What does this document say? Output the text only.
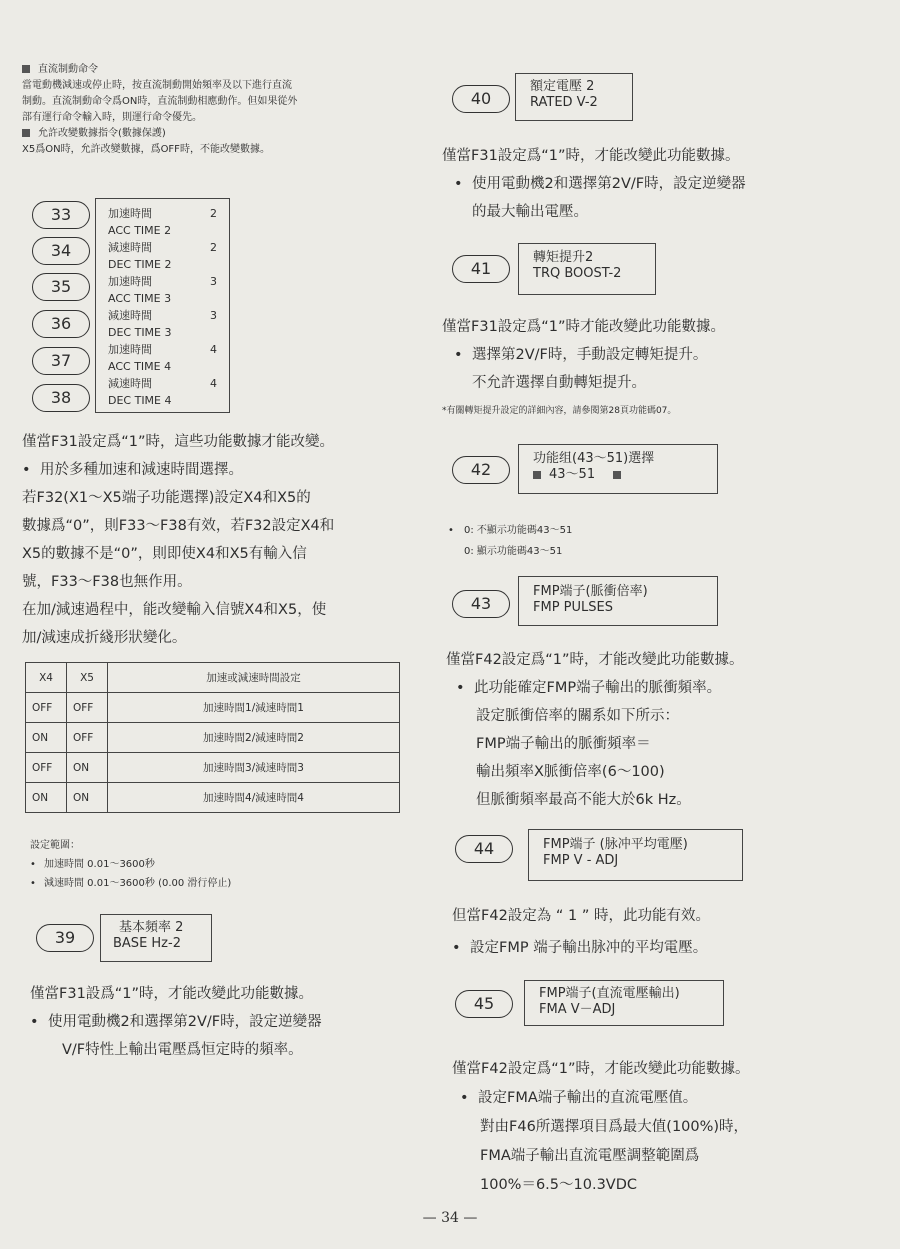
直流制動命令
當電動機減速或停止時，按直流制動開始頻率及以下進行直流
制動。直流制動命令爲ON時，直流制動相應動作。但如果從外
部有運行命令輸入時，則運行命令優先。
允許改變數據指令(數據保護)
X5爲ON時，允許改變數據，爲OFF時，不能改變數據。
33
34
35
36
37
38
加速時間	2
ACC TIME 2
減速時間	2
DEC TIME 2
加速時間	3
ACC TIME 3
減速時間	3
DEC TIME 3
加速時間	4
ACC TIME 4
減速時間	4
DEC TIME 4
僅當F31設定爲“1”時，這些功能數據才能改變。
• 用於多種加速和減速時間選擇。
若F32(X1～X5端子功能選擇)設定X4和X5的
數據爲“0”，則F33～F38有效，若F32設定X4和
X5的數據不是“0”，則即使X4和X5有輸入信
號，F33～F38也無作用。
在加/減速過程中，能改變輸入信號X4和X5，使
加/減速成折綫形狀變化。
X4	X5	加速或減速時間設定
OFF	OFF	加速時間1/減速時間1
ON	OFF	加速時間2/減速時間2
OFF	ON	加速時間3/減速時間3
ON	ON	加速時間4/減速時間4
設定範圍：
• 加速時間 0.01～3600秒
• 減速時間 0.01～3600秒 (0.00 滑行停止)
39
基本頻率 2
BASE Hz-2
僅當F31設爲“1”時，才能改變此功能數據。
• 使用電動機2和選擇第2V/F時，設定逆變器
V/F特性上輸出電壓爲恒定時的頻率。
40
額定電壓 2
RATED V-2
僅當F31設定爲“1”時，才能改變此功能數據。
• 使用電動機2和選擇第2V/F時，設定逆變器
的最大輸出電壓。
41
轉矩提升2
TRQ BOOST-2
僅當F31設定爲“1”時才能改變此功能數據。
• 選擇第2V/F時，手動設定轉矩提升。
不允許選擇自動轉矩提升。
*有關轉矩提升設定的詳細內容，請參閱第28頁功能碼07。
42
功能组(43～51)選擇
43～51
• 0: 不顯示功能碼43～51
0: 顯示功能碼43～51
43
FMP端子(脈衝倍率)
FMP PULSES
僅當F42設定爲“1”時，才能改變此功能數據。
• 此功能確定FMP端子輸出的脈衝頻率。
設定脈衝倍率的關系如下所示：
FMP端子輸出的脈衝頻率＝
輸出頻率X脈衝倍率(6～100)
但脈衝頻率最高不能大於6k Hz。
44	FMP端子 (脉冲平均電壓)
FMP V - ADJ
但當F42設定為 “ 1 ” 時，此功能有效。
• 設定FMP 端子輸出脉冲的平均電壓。
45
FMP端子(直流電壓輸出)
FMA V－ADJ
僅當F42設定爲“1”時，才能改變此功能數據。
• 設定FMA端子輸出的直流電壓值。
對由F46所選擇項目爲最大值(100%)時，
FMA端子輸出直流電壓調整範圍爲
100%＝6.5～10.3VDC
— 34 —
